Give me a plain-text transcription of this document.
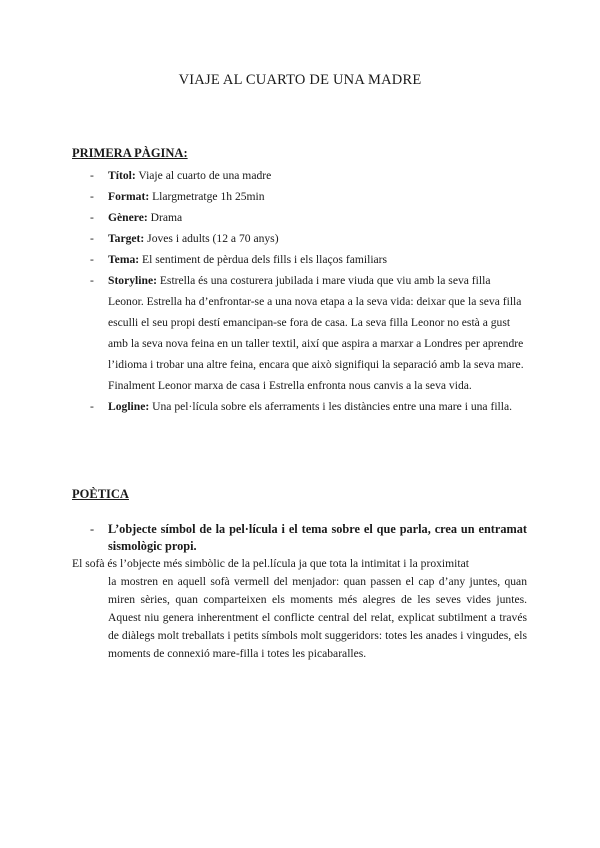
VIAJE AL CUARTO DE UNA MADRE
PRIMERA PÀGINA:
- Títol: Viaje al cuarto de una madre
- Format: Llargmetratge 1h 25min
- Gènere: Drama
- Target: Joves i adults (12 a 70 anys)
- Tema: El sentiment de pèrdua dels fills i els llaços familiars
- Storyline: Estrella és una costurera jubilada i mare viuda que viu amb la seva filla Leonor. Estrella ha d’enfrontar-se a una nova etapa a la seva vida: deixar que la seva filla esculli el seu propi destí emancipan-se fora de casa. La seva filla Leonor no està a gust amb la seva nova feina en un taller textil, així que aspira a marxar a Londres per aprendre l’idioma i trobar una altre feina, encara que això signifiqui la separació amb la seva mare. Finalment Leonor marxa de casa i Estrella enfronta nous canvis a la seva vida.
- Logline: Una pel·lícula sobre els aferraments i les distàncies entre una mare i una filla.
POÈTICA
- L’objecte símbol de la pel·lícula i el tema sobre el que parla, crea un entramat sismològic propi.
El sofà és l’objecte més simbòlic de la pel.lícula ja que tota la intimitat i la proximitat
la mostren en aquell sofà vermell del menjador: quan passen el cap d’any juntes, quan miren sèries, quan comparteixen els moments més alegres de les seves vides juntes. Aquest niu genera inherentment el conflicte central del relat, explicat subtilment a través de diàlegs molt treballats i petits símbols molt suggeridors: totes les anades i vingudes, els moments de connexió mare-filla i totes les picabaralles.
